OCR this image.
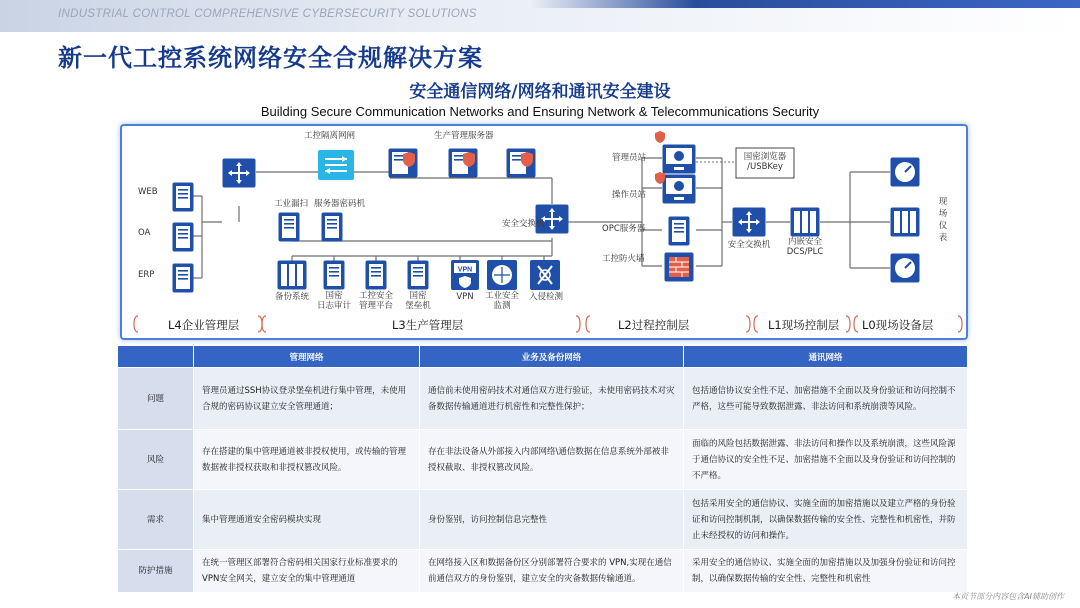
INDUSTRIAL CONTROL COMPREHENSIVE CYBERSECURITY SOLUTIONS
新一代工控系统网络安全合规解决方案
安全通信网络/网络和通讯安全建设
Building Secure Communication Networks and Ensuring Network & Telecommunications Security
VPN
WEB
OA
ERP
工控隔离网闸	生产管理服务器
工业漏扫 服务器密码机
安全交换机
备份系统	国密
日志审计
工控安全
管理平台
国密
堡垒机
VPN	工业安全
监测
入侵检测
管理员站
操作员站
OPC服务器
工控防火墙
国密浏览器
/USBKey
安全交换机	内嵌安全
DCS/PLC
现
场
仪
表
L4企业管理层	L3生产管理层	L2过程控制层	L1现场控制层 L0现场设备层
	管理网络	业务及备份网络	通讯网络
问题	管理员通过SSH协议登录堡垒机进行集中管理，未使用合规的密码协议建立安全管理通道；	通信前未使用密码技术对通信双方进行验证，未使用密码技术对灾备数据传输通道进行机密性和完整性保护；	包括通信协议安全性不足、加密措施不全面以及身份验证和访问控制不严格，这些可能导致数据泄露、非法访问和系统崩溃等风险。
风险	存在搭建的集中管理通道被非授权使用，或传输的管理数据被非授权获取和非授权篡改风险。	存在非法设备从外部接入内部网络\通信数据在信息系统外部被非授权截取、非授权篡改风险。	面临的风险包括数据泄露、非法访问和操作以及系统崩溃，这些风险源于通信协议的安全性不足、加密措施不全面以及身份验证和访问控制的不严格。
需求	集中管理通道安全密码模块实现	身份鉴别，访问控制信息完整性	包括采用安全的通信协议、实施全面的加密措施以及建立严格的身份验证和访问控制机制，以确保数据传输的安全性、完整性和机密性，并防止未经授权的访问和操作。
防护措施	在统一管理区部署符合密码相关国家行业标准要求的VPN安全网关，建立安全的集中管理通道	在网络接入区和数据备份区分别部署符合要求的 VPN,实现在通信前通信双方的身份鉴别，建立安全的灾备数据传输通道。	采用安全的通信协议、实施全面的加密措施以及加强身份验证和访问控制，以确保数据传输的安全性、完整性和机密性
本页节部分内容包含AI辅助创作
